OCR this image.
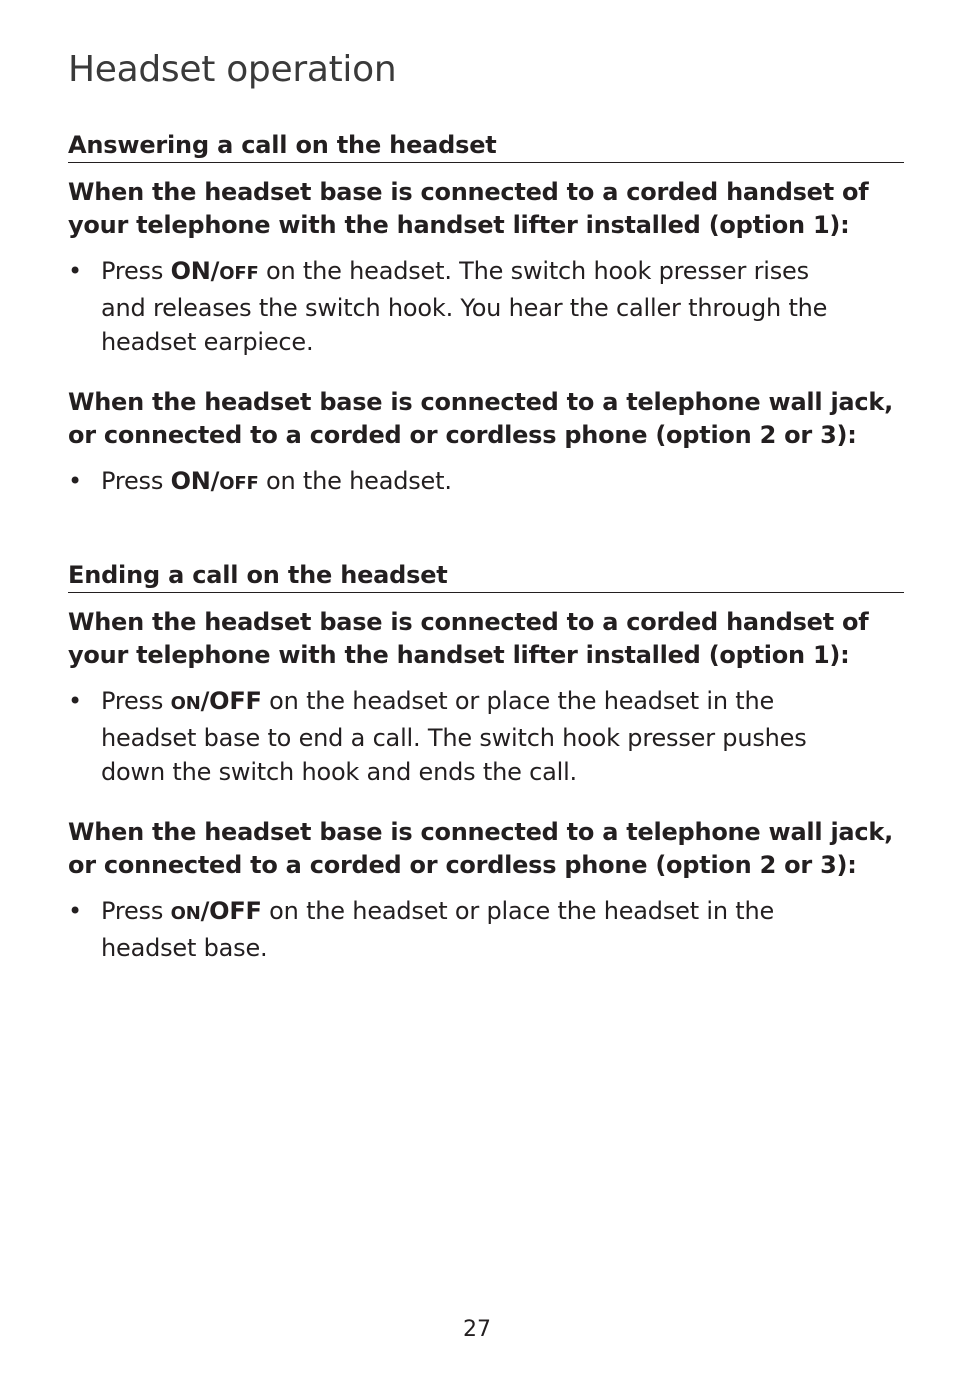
Headset operation
Answering a call on the headset

When the headset base is connected to a corded handset of
your telephone with the handset lifter installed (option 1):

• Press ON/OFF on the headset. The switch hook presser rises
and releases the switch hook. You hear the caller through the
headset earpiece.

When the headset base is connected to a telephone wall jack,
or connected to a corded or cordless phone (option 2 or 3):

• Press ON/OFF on the headset.

Ending a call on the headset

When the headset base is connected to a corded handset of
your telephone with the handset lifter installed (option 1):

• Press ON/OFF on the headset or place the headset in the
headset base to end a call. The switch hook presser pushes
down the switch hook and ends the call.

When the headset base is connected to a telephone wall jack,
or connected to a corded or cordless phone (option 2 or 3):

• Press ON/OFF on the headset or place the headset in the
headset base.

27
